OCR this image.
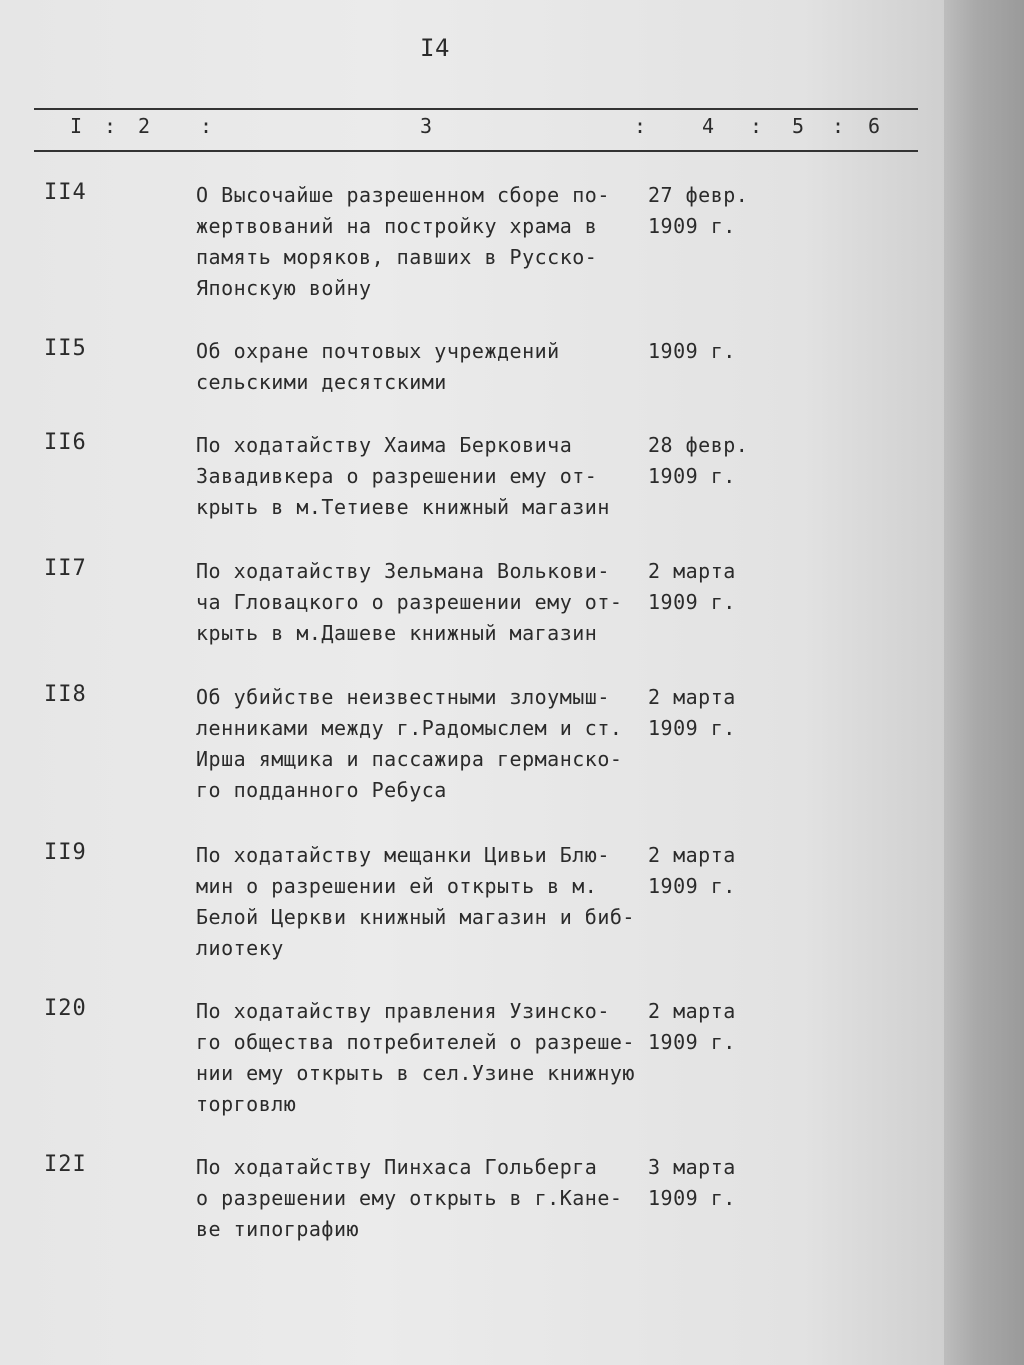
I4
I : 2 :	3	:	4 : 5 : 6
II4	О Высочайше разрешенном сборе по-
жертвований на постройку храма в
память моряков, павших в Русско-
Японскую войну
27 февр.
1909 г.
II5	Об охране почтовых учреждений
сельскими десятскими
1909 г.
II6	По ходатайству Хаима Берковича
Завадивкера о разрешении ему от-
крыть в м.Тетиеве книжный магазин
28 февр.
1909 г.
II7	По ходатайству Зельмана Волькови-
ча Гловацкого о разрешении ему от-
крыть в м.Дашеве книжный магазин
2 марта
1909 г.
II8	Об убийстве неизвестными злоумыш-
ленниками между г.Радомыслем и ст.
Ирша ямщика и пассажира германско-
го подданного Ребуса
2 марта
1909 г.
II9	По ходатайству мещанки Цивьи Блю-
мин о разрешении ей открыть в м.
Белой Церкви книжный магазин и биб-
лиотеку
2 марта
1909 г.
I20	По ходатайству правления Узинско-
го общества потребителей о разреше-
нии ему открыть в сел.Узине книжную
торговлю
2 марта
1909 г.
I2I	По ходатайству Пинхаса Гольберга
о разрешении ему открыть в г.Кане-
ве типографию
3 марта
1909 г.
